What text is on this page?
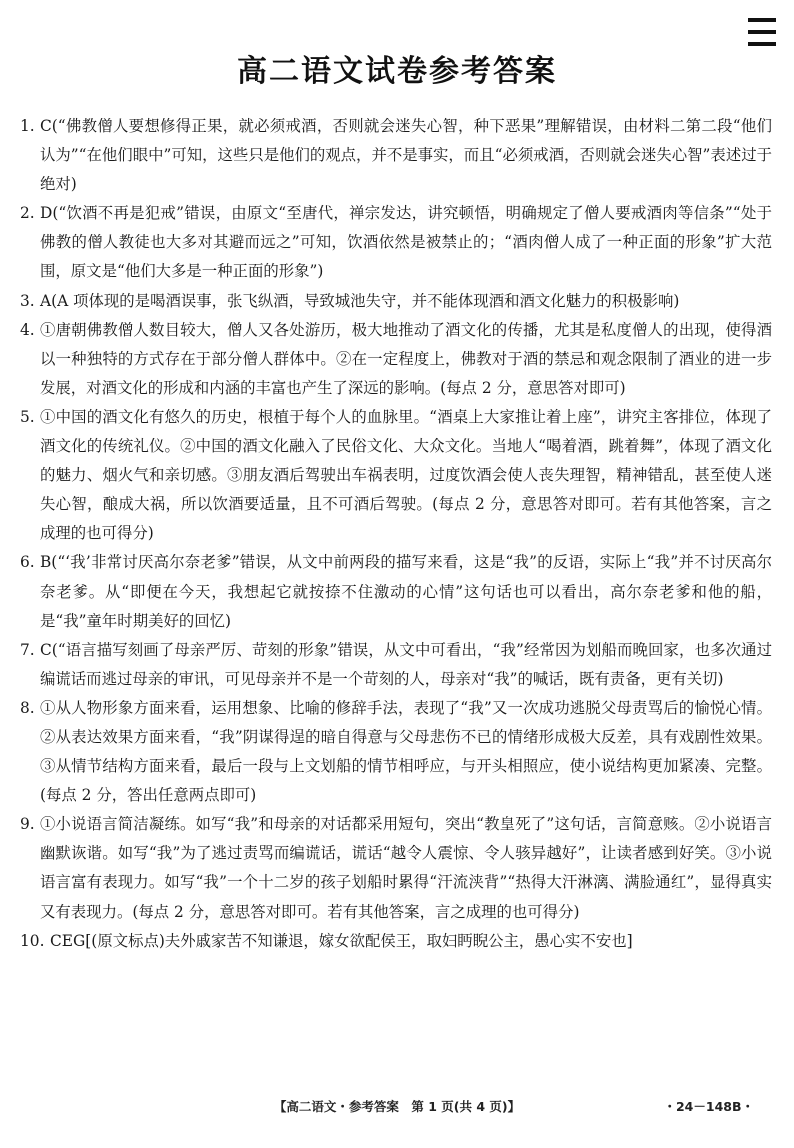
高二语文试卷参考答案

1. C(“佛教僧人要想修得正果，就必须戒酒，否则就会迷失心智，种下恶果”理解错误，由材料二第二段“他们认为”“在他们眼中”可知，这些只是他们的观点，并不是事实，而且“必须戒酒，否则就会迷失心智”表述过于绝对)

2. D(“饮酒不再是犯戒”错误，由原文“至唐代，禅宗发达，讲究顿悟，明确规定了僧人要戒酒肉等信条”“处于佛教的僧人教徒也大多对其避而远之”可知，饮酒依然是被禁止的；“酒肉僧人成了一种正面的形象”扩大范围，原文是“他们大多是一种正面的形象”)

3. A(A 项体现的是喝酒误事，张飞纵酒，导致城池失守，并不能体现酒和酒文化魅力的积极影响)

4. ①唐朝佛教僧人数目较大，僧人又各处游历，极大地推动了酒文化的传播，尤其是私度僧人的出现，使得酒以一种独特的方式存在于部分僧人群体中。②在一定程度上，佛教对于酒的禁忌和观念限制了酒业的进一步发展，对酒文化的形成和内涵的丰富也产生了深远的影响。(每点 2 分，意思答对即可)

5. ①中国的酒文化有悠久的历史，根植于每个人的血脉里。“酒桌上大家推让着上座”，讲究主客排位，体现了酒文化的传统礼仪。②中国的酒文化融入了民俗文化、大众文化。当地人“喝着酒，跳着舞”，体现了酒文化的魅力、烟火气和亲切感。③朋友酒后驾驶出车祸表明，过度饮酒会使人丧失理智，精神错乱，甚至使人迷失心智，酿成大祸，所以饮酒要适量，且不可酒后驾驶。(每点 2 分，意思答对即可。若有其他答案，言之成理的也可得分)

6. B(“‘我’非常讨厌高尔奈老爹”错误，从文中前两段的描写来看，这是“我”的反语，实际上“我”并不讨厌高尔奈老爹。从“即便在今天，我想起它就按捺不住激动的心情”这句话也可以看出，高尔奈老爹和他的船，是“我”童年时期美好的回忆)

7. C(“语言描写刻画了母亲严厉、苛刻的形象”错误，从文中可看出，“我”经常因为划船而晚回家，也多次通过编谎话而逃过母亲的审讯，可见母亲并不是一个苛刻的人，母亲对“我”的喊话，既有责备，更有关切)

8. ①从人物形象方面来看，运用想象、比喻的修辞手法，表现了“我”又一次成功逃脱父母责骂后的愉悦心情。②从表达效果方面来看，“我”阴谋得逞的暗自得意与父母悲伤不已的情绪形成极大反差，具有戏剧性效果。③从情节结构方面来看，最后一段与上文划船的情节相呼应，与开头相照应，使小说结构更加紧凑、完整。(每点 2 分，答出任意两点即可)

9. ①小说语言简洁凝练。如写“我”和母亲的对话都采用短句，突出“教皇死了”这句话，言简意赅。②小说语言幽默诙谐。如写“我”为了逃过责骂而编谎话，谎话“越令人震惊、令人骇异越好”，让读者感到好笑。③小说语言富有表现力。如写“我”一个十二岁的孩子划船时累得“汗流浃背”“热得大汗淋漓、满脸通红”，显得真实又有表现力。(每点 2 分，意思答对即可。若有其他答案，言之成理的也可得分)

10. CEG[(原文标点)夫外戚家苦不知谦退，嫁女欲配侯王，取妇眄睨公主，愚心实不安也]

【高二语文・参考答案　第 1 页(共 4 页)】	・24－148B・
